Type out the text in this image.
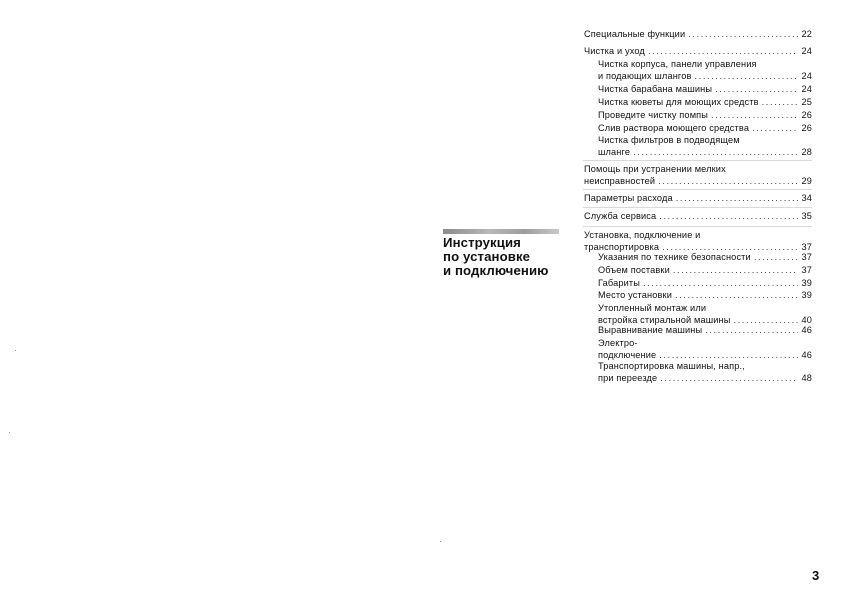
Инструкция
по установке
и подключению
Специальные функции .....	22
Чистка и уход .....	24
Чистка корпуса, панели управления
и подающих шлангов .....	24
Чистка барабана машины .....	24
Чистка кюветы для моющих средств .....	25
Проведите чистку помпы .....	26
Слив раствора моющего средства .....	26
Чистка фильтров в подводящем
шланге .....	28
Помощь при устранении мелких
неисправностей .....	29
Параметры расхода .....	34
Служба сервиса .....	35
Установка, подключение и
транспортировка .....	37
Указания по технике безопасности .....	37
Объем поставки .....	37
Габариты .....	39
Место установки .....	39
Утопленный монтаж или
встройка стиральной машины .....	40
Выравнивание машины .....	46
Электро-
подключение .....	46
Транспортировка машины, напр.,
при переезде .....	48
3
